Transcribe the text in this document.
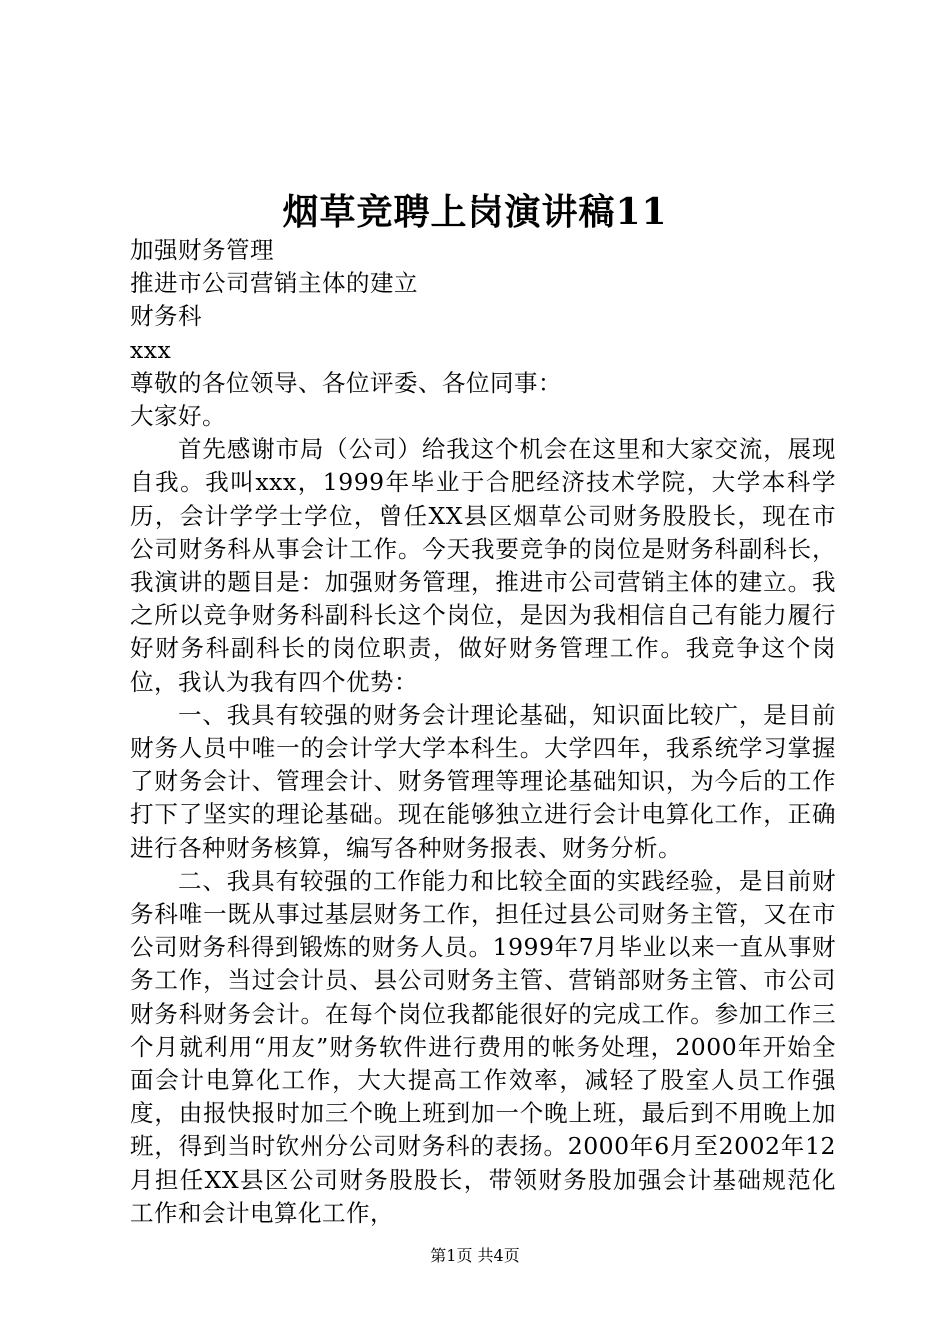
烟草竞聘上岗演讲稿11

加强财务管理

推进市公司营销主体的建立

财务科

xxx

尊敬的各位领导、各位评委、各位同事：

大家好。

首先感谢市局（公司）给我这个机会在这里和大家交流，展现自我。我叫xxx，1999年毕业于合肥经济技术学院，大学本科学历，会计学学士学位，曾任XX县区烟草公司财务股股长，现在市公司财务科从事会计工作。今天我要竞争的岗位是财务科副科长，我演讲的题目是：加强财务管理，推进市公司营销主体的建立。我之所以竞争财务科副科长这个岗位，是因为我相信自己有能力履行好财务科副科长的岗位职责，做好财务管理工作。我竞争这个岗位，我认为我有四个优势：

一、我具有较强的财务会计理论基础，知识面比较广，是目前财务人员中唯一的会计学大学本科生。大学四年，我系统学习掌握了财务会计、管理会计、财务管理等理论基础知识，为今后的工作打下了坚实的理论基础。现在能够独立进行会计电算化工作，正确进行各种财务核算，编写各种财务报表、财务分析。

二、我具有较强的工作能力和比较全面的实践经验，是目前财务科唯一既从事过基层财务工作，担任过县公司财务主管，又在市公司财务科得到锻炼的财务人员。1999年7月毕业以来一直从事财务工作，当过会计员、县公司财务主管、营销部财务主管、市公司财务科财务会计。在每个岗位我都能很好的完成工作。参加工作三个月就利用“用友”财务软件进行费用的帐务处理，2000年开始全面会计电算化工作，大大提高工作效率，减轻了股室人员工作强度，由报快报时加三个晚上班到加一个晚上班，最后到不用晚上加班，得到当时钦州分公司财务科的表扬。2000年6月至2002年12月担任XX县区公司财务股股长，带领财务股加强会计基础规范化工作和会计电算化工作，

第1页 共4页
